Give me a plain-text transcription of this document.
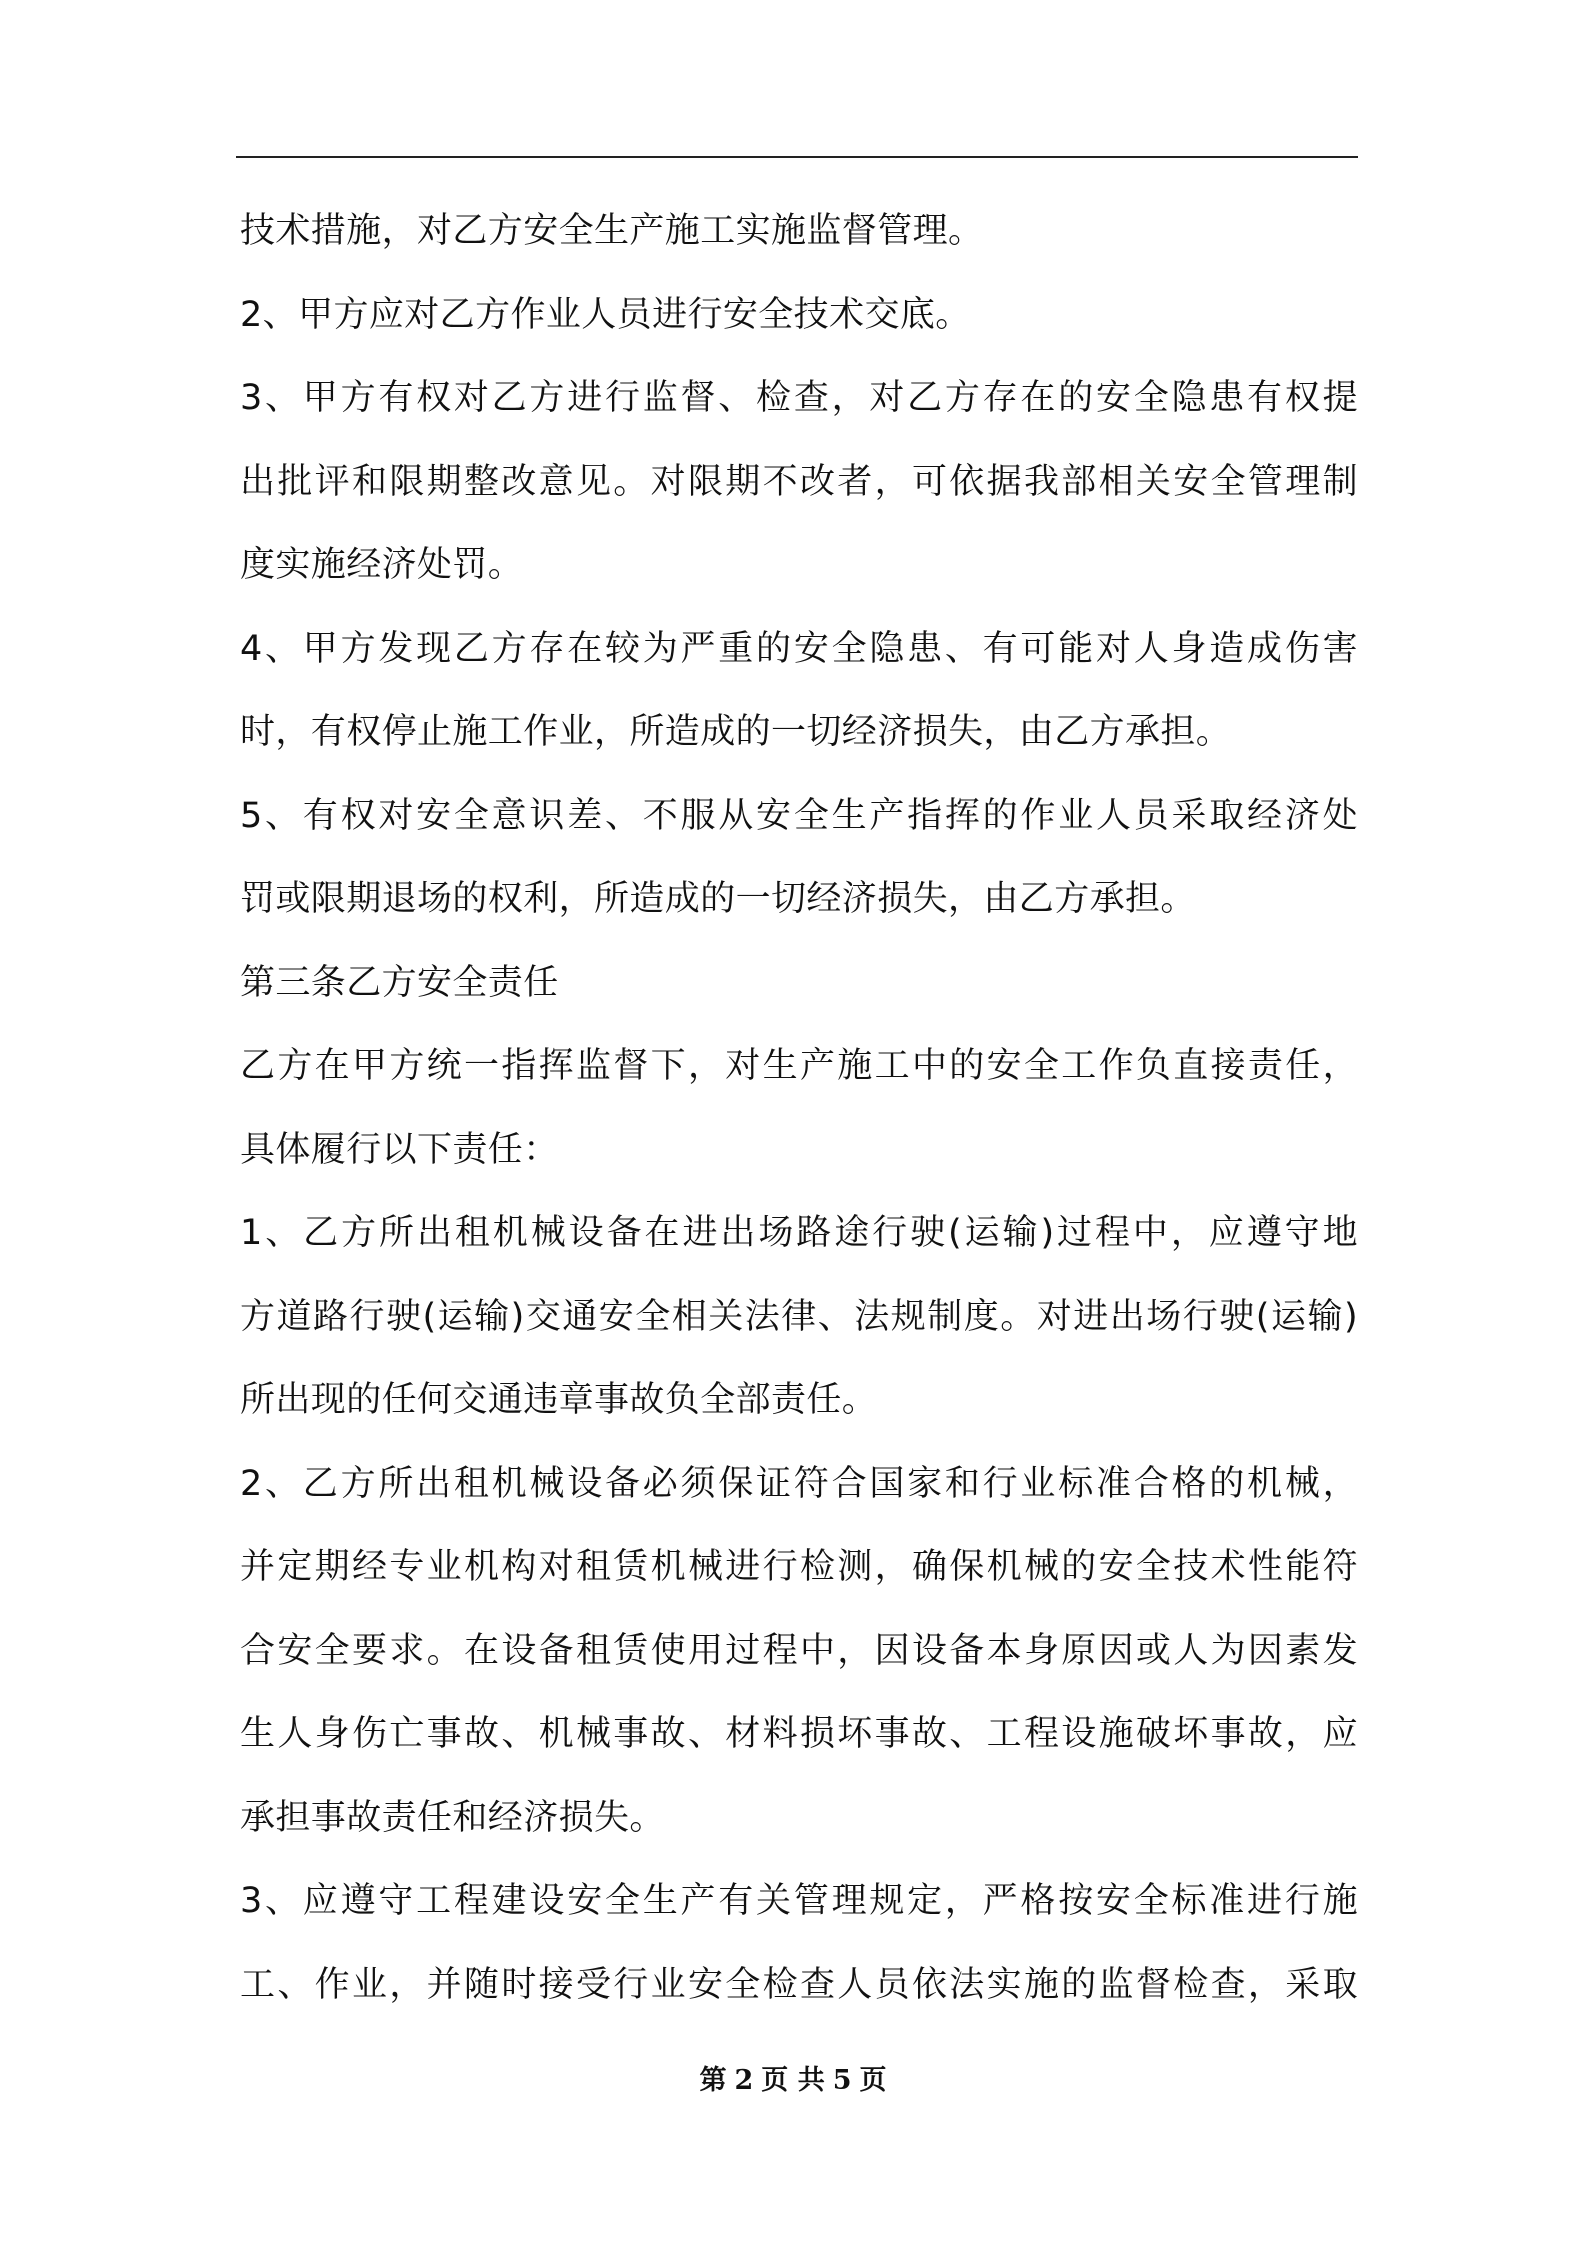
技术措施，对乙方安全生产施工实施监督管理。
2、甲方应对乙方作业人员进行安全技术交底。
3、甲方有权对乙方进行监督、检查，对乙方存在的安全隐患有权提
出批评和限期整改意见。对限期不改者，可依据我部相关安全管理制
度实施经济处罚。
4、甲方发现乙方存在较为严重的安全隐患、有可能对人身造成伤害
时，有权停止施工作业，所造成的一切经济损失，由乙方承担。
5、有权对安全意识差、不服从安全生产指挥的作业人员采取经济处
罚或限期退场的权利，所造成的一切经济损失，由乙方承担。
第三条乙方安全责任
乙方在甲方统一指挥监督下，对生产施工中的安全工作负直接责任，
具体履行以下责任：
1、乙方所出租机械设备在进出场路途行驶(运输)过程中，应遵守地
方道路行驶(运输)交通安全相关法律、法规制度。对进出场行驶(运输)
所出现的任何交通违章事故负全部责任。
2、乙方所出租机械设备必须保证符合国家和行业标准合格的机械，
并定期经专业机构对租赁机械进行检测，确保机械的安全技术性能符
合安全要求。在设备租赁使用过程中，因设备本身原因或人为因素发
生人身伤亡事故、机械事故、材料损坏事故、工程设施破坏事故，应
承担事故责任和经济损失。
3、应遵守工程建设安全生产有关管理规定，严格按安全标准进行施
工、作业，并随时接受行业安全检查人员依法实施的监督检查，采取
第 2 页 共 5 页
